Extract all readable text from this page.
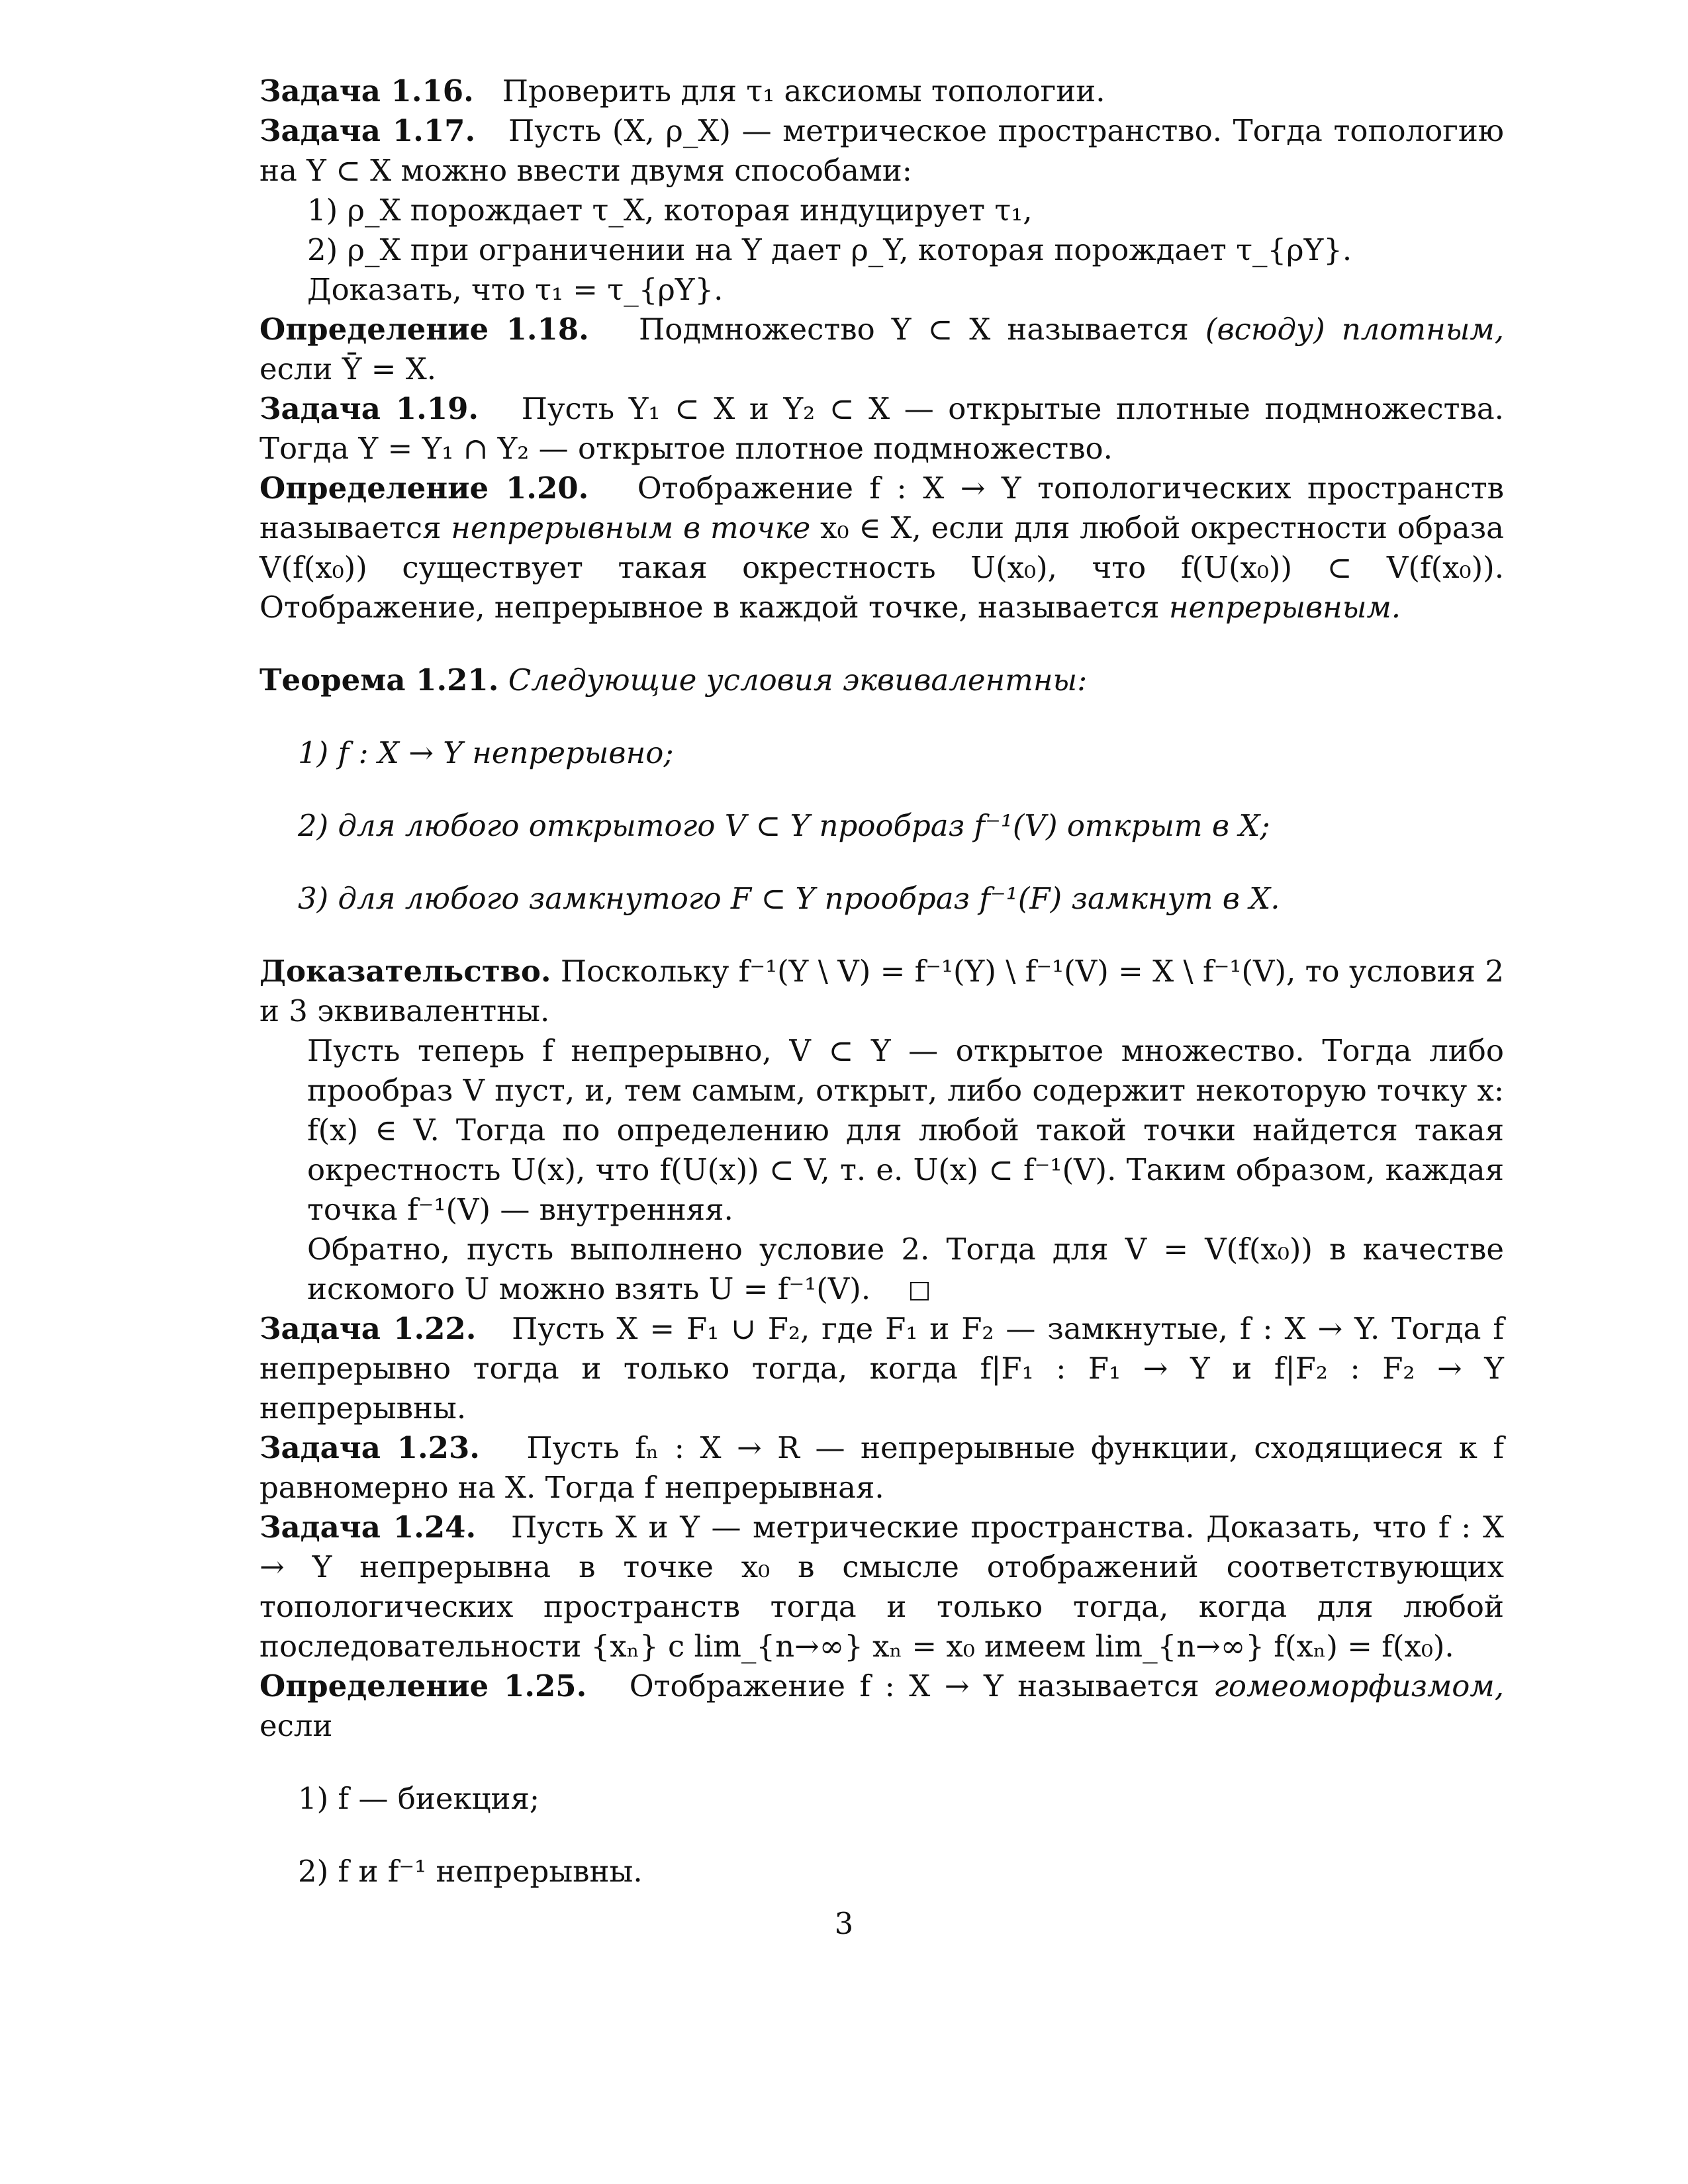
Задача 1.16. Проверить для τ₁ аксиомы топологии.

Задача 1.17. Пусть (X, ρ_X) — метрическое пространство. Тогда топологию на Y ⊂ X можно ввести двумя способами:

1) ρ_X порождает τ_X, которая индуцирует τ₁,

2) ρ_X при ограничении на Y дает ρ_Y, которая порождает τ_{ρY}.

Доказать, что τ₁ = τ_{ρY}.

Определение 1.18. Подмножество Y ⊂ X называется (всюду) плотным, если Ȳ = X.

Задача 1.19. Пусть Y₁ ⊂ X и Y₂ ⊂ X — открытые плотные подмножества. Тогда Y = Y₁ ∩ Y₂ — открытое плотное подмножество.

Определение 1.20. Отображение f : X → Y топологических пространств называется непрерывным в точке x₀ ∈ X, если для любой окрестности образа V(f(x₀)) существует такая окрестность U(x₀), что f(U(x₀)) ⊂ V(f(x₀)). Отображение, непрерывное в каждой точке, называется непрерывным.

Теорема 1.21. Следующие условия эквивалентны:

1) f : X → Y непрерывно;

2) для любого открытого V ⊂ Y прообраз f⁻¹(V) открыт в X;

3) для любого замкнутого F ⊂ Y прообраз f⁻¹(F) замкнут в X.

Доказательство. Поскольку f⁻¹(Y \ V) = f⁻¹(Y) \ f⁻¹(V) = X \ f⁻¹(V), то условия 2 и 3 эквивалентны.

Пусть теперь f непрерывно, V ⊂ Y — открытое множество. Тогда либо прообраз V пуст, и, тем самым, открыт, либо содержит некоторую точку x: f(x) ∈ V. Тогда по определению для любой такой точки найдется такая окрестность U(x), что f(U(x)) ⊂ V, т. е. U(x) ⊂ f⁻¹(V). Таким образом, каждая точка f⁻¹(V) — внутренняя.

Обратно, пусть выполнено условие 2. Тогда для V = V(f(x₀)) в качестве искомого U можно взять U = f⁻¹(V).

Задача 1.22. Пусть X = F₁ ∪ F₂, где F₁ и F₂ — замкнутые, f : X → Y. Тогда f непрерывно тогда и только тогда, когда f|F₁ : F₁ → Y и f|F₂ : F₂ → Y непрерывны.

Задача 1.23. Пусть fₙ : X → R — непрерывные функции, сходящиеся к f равномерно на X. Тогда f непрерывная.

Задача 1.24. Пусть X и Y — метрические пространства. Доказать, что f : X → Y непрерывна в точке x₀ в смысле отображений соответствующих топологических пространств тогда и только тогда, когда для любой последовательности {xₙ} с lim_{n→∞} xₙ = x₀ имеем lim_{n→∞} f(xₙ) = f(x₀).

Определение 1.25. Отображение f : X → Y называется гомеоморфизмом, если

1) f — биекция;

2) f и f⁻¹ непрерывны.

3
